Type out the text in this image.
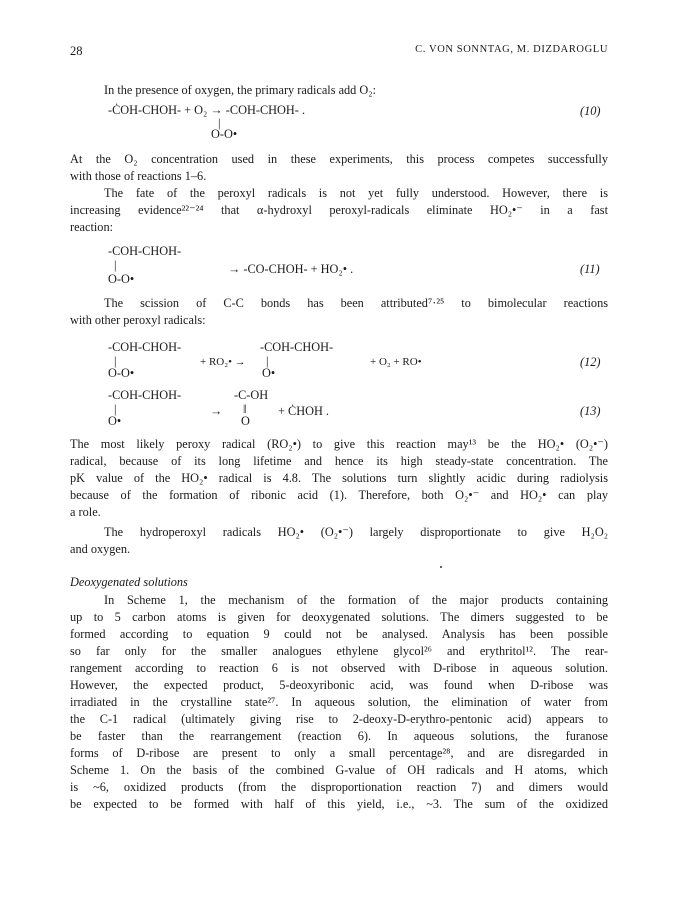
28	C. VON SONNTAG, M. DIZDAROGLU
In the presence of oxygen, the primary radicals add O₂:
-ĊOH-CHOH- + O₂ → -COH-CHOH- .
|
O-O•
(10)
At the O₂ concentration used in these experiments, this process competes successfully
with those of reactions 1–6.
The fate of the peroxyl radicals is not yet fully understood. However, there is
increasing evidence²²⁻²⁴ that α-hydroxyl peroxyl-radicals eliminate HO₂•⁻ in a fast
reaction:
-COH-CHOH-
|	→ -CO-CHOH- + HO₂• .
O-O•
(11)
The scission of C-C bonds has been attributed⁷·²⁵ to bimolecular reactions
with other peroxyl radicals:
-COH-CHOH-
|
O-O•
+ RO₂• →
-COH-CHOH-
|
O•
+ O₂ + RO•	(12)
-COH-CHOH-
|
O•
→
-C-OH
‖
O
+ ĊHOH .	(13)
The most likely peroxy radical (RO₂•) to give this reaction may¹³ be the HO₂• (O₂•⁻)
radical, because of its long lifetime and hence its high steady-state concentration. The
pK value of the HO₂• radical is 4.8. The solutions turn slightly acidic during radiolysis
because of the formation of ribonic acid (1). Therefore, both O₂•⁻ and HO₂• can play
a role.
The hydroperoxyl radicals HO₂• (O₂•⁻) largely disproportionate to give H₂O₂
and oxygen.
Deoxygenated solutions
In Scheme 1, the mechanism of the formation of the major products containing
up to 5 carbon atoms is given for deoxygenated solutions. The dimers suggested to be
formed according to equation 9 could not be analysed. Analysis has been possible
so far only for the smaller analogues ethylene glycol²⁶ and erythritol¹². The rear-
rangement according to reaction 6 is not observed with D-ribose in aqueous solution.
However, the expected product, 5-deoxyribonic acid, was found when D-ribose was
irradiated in the crystalline state²⁷. In aqueous solution, the elimination of water from
the C-1 radical (ultimately giving rise to 2-deoxy-D-erythro-pentonic acid) appears to
be faster than the rearrangement (reaction 6). In aqueous solutions, the furanose
forms of D-ribose are present to only a small percentage²⁸, and are disregarded in
Scheme 1. On the basis of the combined G-value of OH radicals and H atoms, which
is ~6, oxidized products (from the disproportionation reaction 7) and dimers would
be expected to be formed with half of this yield, i.e., ~3. The sum of the oxidized
